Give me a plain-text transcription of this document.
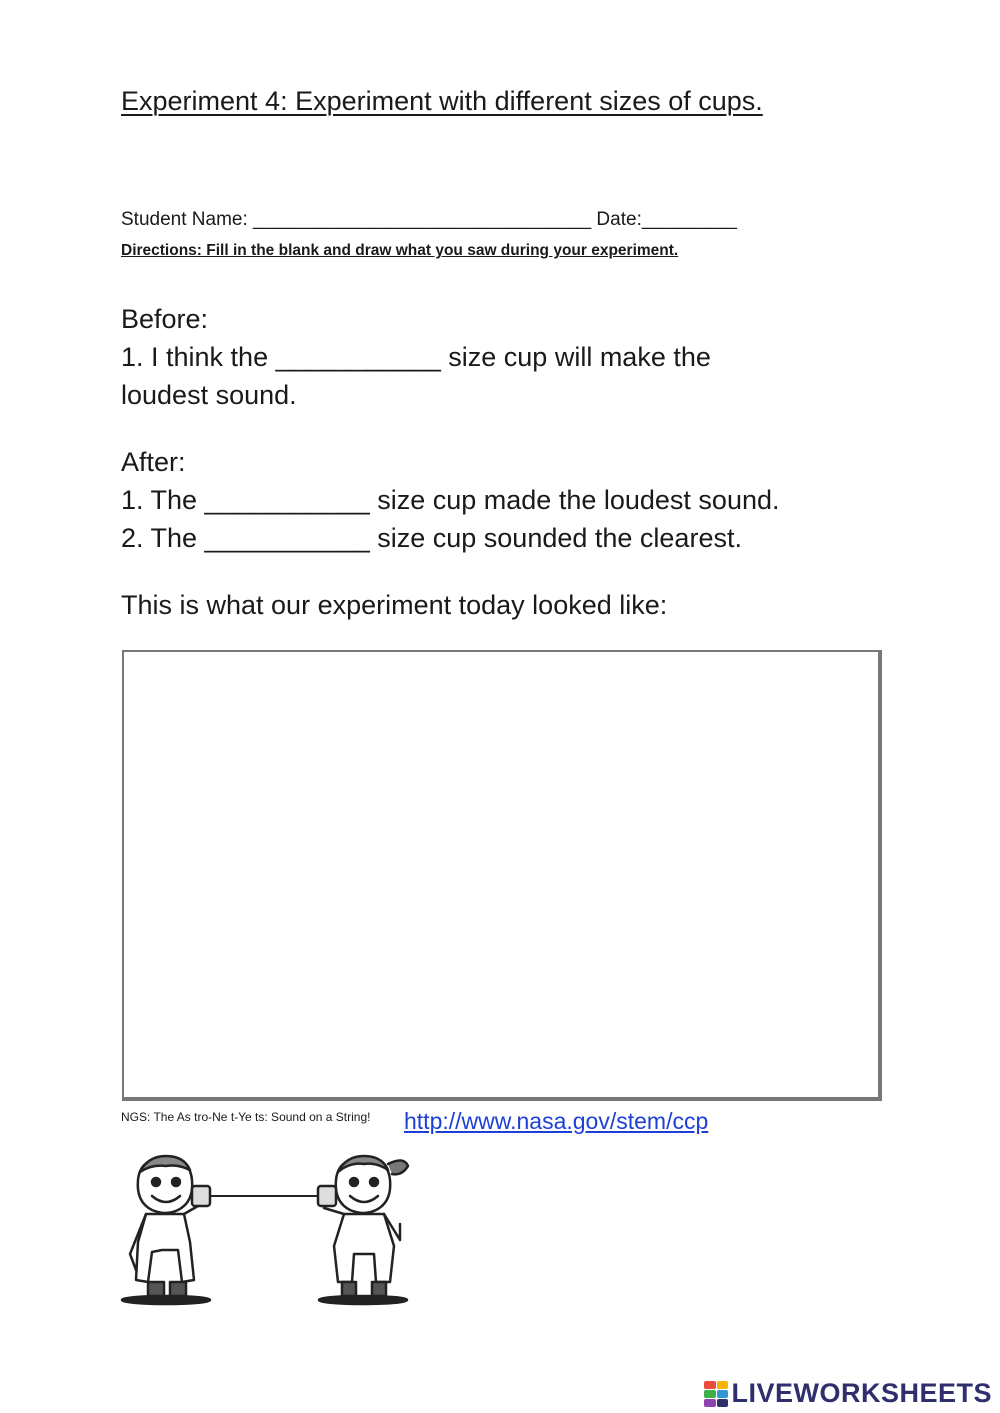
Experiment 4: Experiment with different sizes of cups.
Student Name: ________________________________ Date:_________
Directions: Fill in the blank and draw what you saw during your experiment.
Before:
1. I think the ___________ size cup will make the
loudest sound.
After:
1. The ___________ size cup made the loudest sound.
2. The ___________ size cup sounded the clearest.
This is what our experiment today looked like:
NGS: The As tro-Ne t-Ye ts: Sound on a String! http://www.nasa.gov/stem/ccp
LIVEWORKSHEETS
